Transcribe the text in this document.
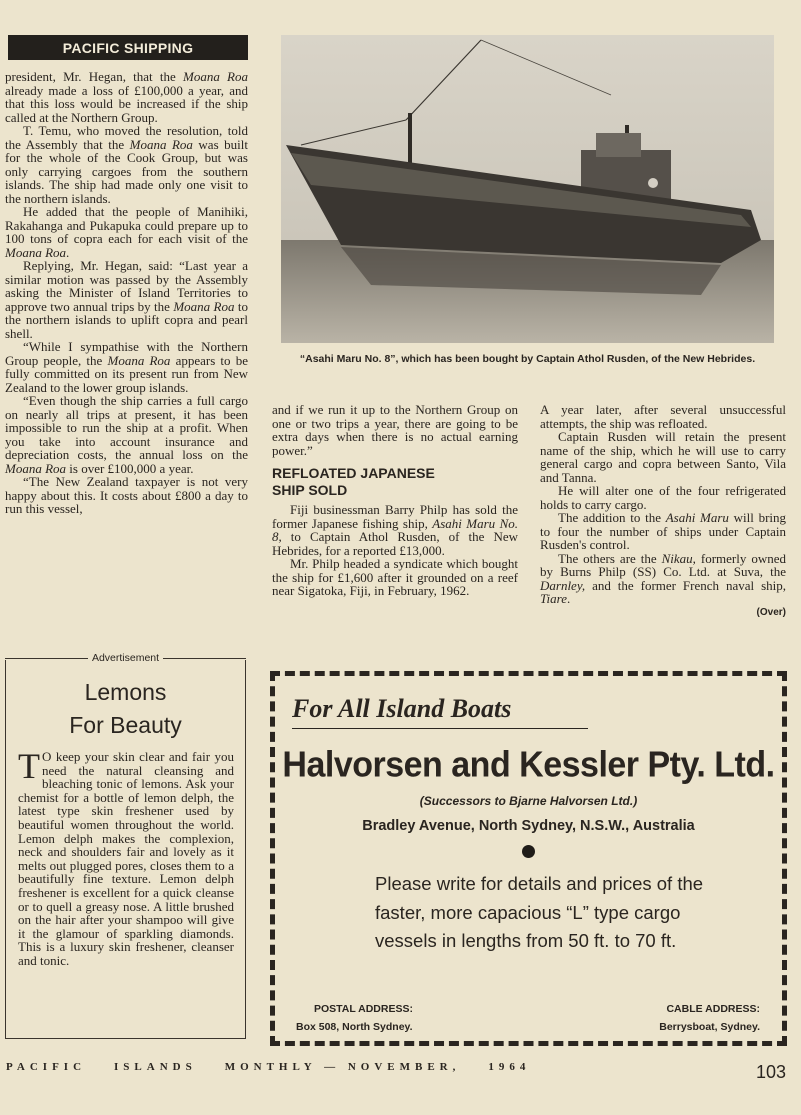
PACIFIC SHIPPING

president, Mr. Hegan, that the Moana Roa already made a loss of £100,000 a year, and that this loss would be increased if the ship called at the Northern Group.

T. Temu, who moved the resolution, told the Assembly that the Moana Roa was built for the whole of the Cook Group, but was only carrying cargoes from the southern islands. The ship had made only one visit to the northern islands.

He added that the people of Manihiki, Rakahanga and Pukapuka could prepare up to 100 tons of copra each for each visit of the Moana Roa.

Replying, Mr. Hegan, said: “Last year a similar motion was passed by the Assembly asking the Minister of Island Territories to approve two annual trips by the Moana Roa to the northern islands to uplift copra and pearl shell.

“While I sympathise with the Northern Group people, the Moana Roa appears to be fully committed on its present run from New Zealand to the lower group islands.

“Even though the ship carries a full cargo on nearly all trips at present, it has been impossible to run the ship at a profit. When you take into account insurance and depreciation costs, the annual loss on the Moana Roa is over £100,000 a year.

“The New Zealand taxpayer is not very happy about this. It costs about £800 a day to run this vessel,

“Asahi Maru No. 8”, which has been bought by Captain Athol Rusden, of the New Hebrides.

and if we run it up to the Northern Group on one or two trips a year, there are going to be extra days when there is no actual earning power.”

REFLOATED JAPANESE
SHIP SOLD

Fiji businessman Barry Philp has sold the former Japanese fishing ship, Asahi Maru No. 8, to Captain Athol Rusden, of the New Hebrides, for a reported £13,000.

Mr. Philp headed a syndicate which bought the ship for £1,600 after it grounded on a reef near Sigatoka, Fiji, in February, 1962.

A year later, after several unsuccessful attempts, the ship was refloated.

Captain Rusden will retain the present name of the ship, which he will use to carry general cargo and copra between Santo, Vila and Tanna.

He will alter one of the four refrigerated holds to carry cargo.

The addition to the Asahi Maru will bring to four the number of ships under Captain Rusden's control.

The others are the Nikau, formerly owned by Burns Philp (SS) Co. Ltd. at Suva, the Darnley, and the former French naval ship, Tiare.

(Over)
Advertisement
Lemons
For Beauty
T O keep your skin clear and fair you need the natural cleansing and bleaching tonic of lemons. Ask your chemist for a bottle of lemon delph, the latest type skin freshener used by beautiful women throughout the world. Lemon delph makes the complexion, neck and shoulders fair and lovely as it melts out plugged pores, closes them to a beautifully fine texture. Lemon delph freshener is excellent for a quick cleanse or to quell a greasy nose. A little brushed on the hair after your shampoo will give it the glamour of sparkling diamonds. This is a luxury skin freshener, cleanser and tonic.
For All Island Boats
Halvorsen and Kessler Pty. Ltd.
(Successors to Bjarne Halvorsen Ltd.)
Bradley Avenue, North Sydney, N.S.W., Australia
Please write for details and prices of the faster, more capacious “L” type cargo vessels in lengths from 50 ft. to 70 ft.
POSTAL ADDRESS:
Box 508, North Sydney.
CABLE ADDRESS:
Berrysboat, Sydney.
PACIFIC	ISLANDS	MONTHLY — NOVEMBER,	1964	103
